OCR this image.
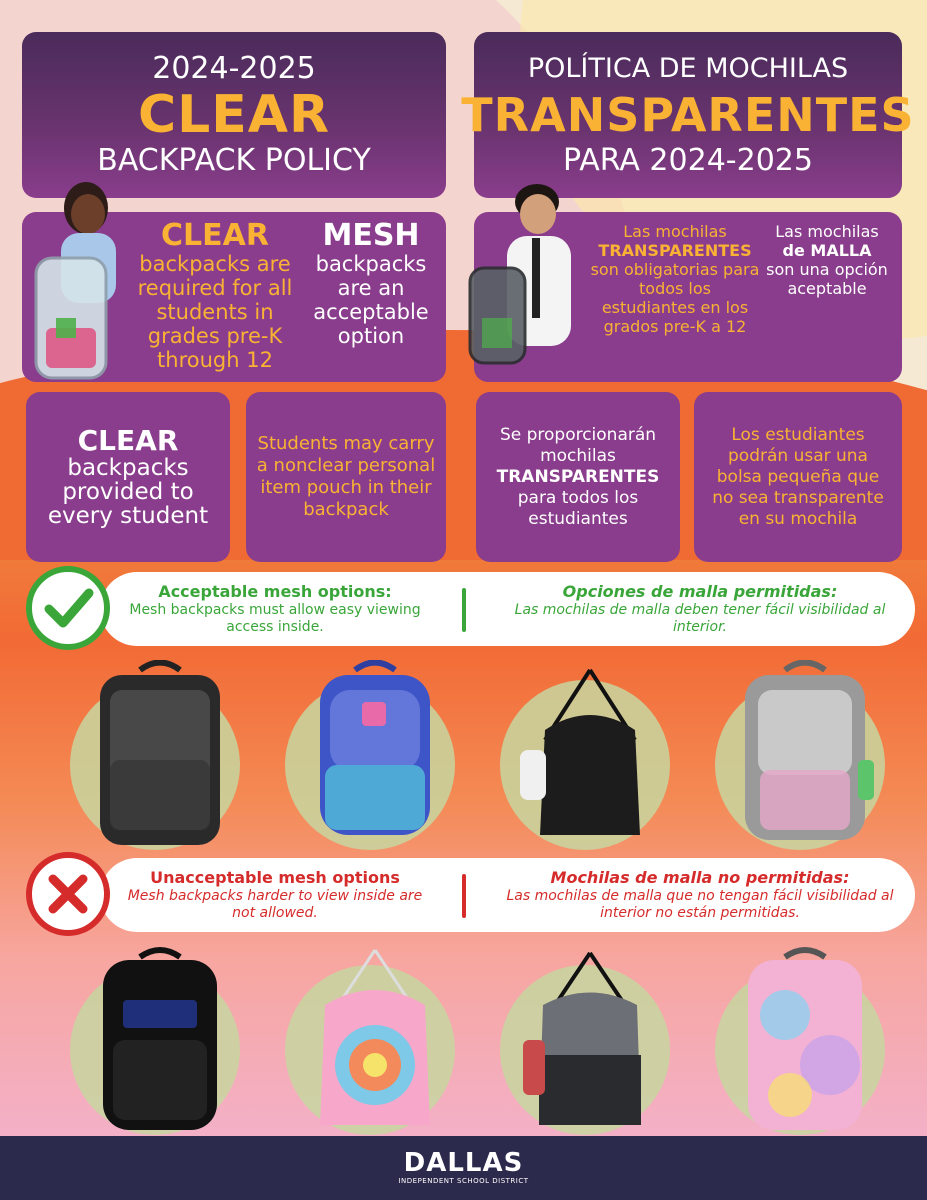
2024-2025
CLEAR
BACKPACK POLICY
POLÍTICA DE MOCHILAS
TRANSPARENTES
PARA 2024-2025
CLEAR
backpacks are required for all students in grades pre-K through 12
MESH
backpacks are an acceptable option
Las mochilas
TRANSPARENTES
son obligatorias para todos los estudiantes en los grados pre-K a 12
Las mochilas
de MALLA
son una opción aceptable
CLEAR
backpacks provided to every student
Students may carry a nonclear personal item pouch in their backpack
Se proporcionarán mochilas
TRANSPARENTES
para todos los estudiantes
Los estudiantes podrán usar una bolsa pequeña que no sea transparente en su mochila
Acceptable mesh options:
Mesh backpacks must allow easy viewing access inside.
Opciones de malla permitidas:
Las mochilas de malla deben tener fácil visibilidad al interior.
Unacceptable mesh options
Mesh backpacks harder to view inside are not allowed.
Mochilas de malla no permitidas:
Las mochilas de malla que no tengan fácil visibilidad al interior no están permitidas.
DALLAS
INDEPENDENT SCHOOL DISTRICT
